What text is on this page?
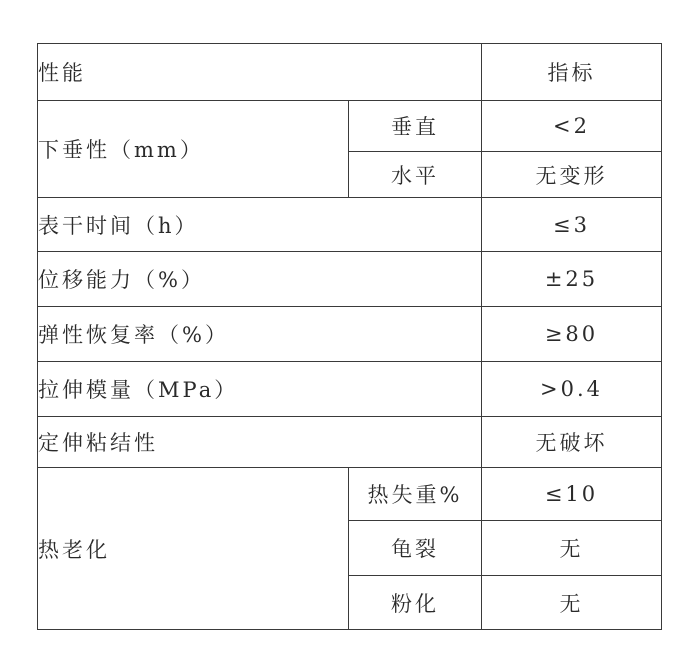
性能		指标
下垂性（mm）	垂直	<2
	水平	无变形
表干时间（h）		≤3
位移能力（%）		±25
弹性恢复率（%）		≥80
拉伸模量（MPa）		>0.4
定伸粘结性		无破坏
热老化	热失重%	≤10
	龟裂	无
	粉化	无
